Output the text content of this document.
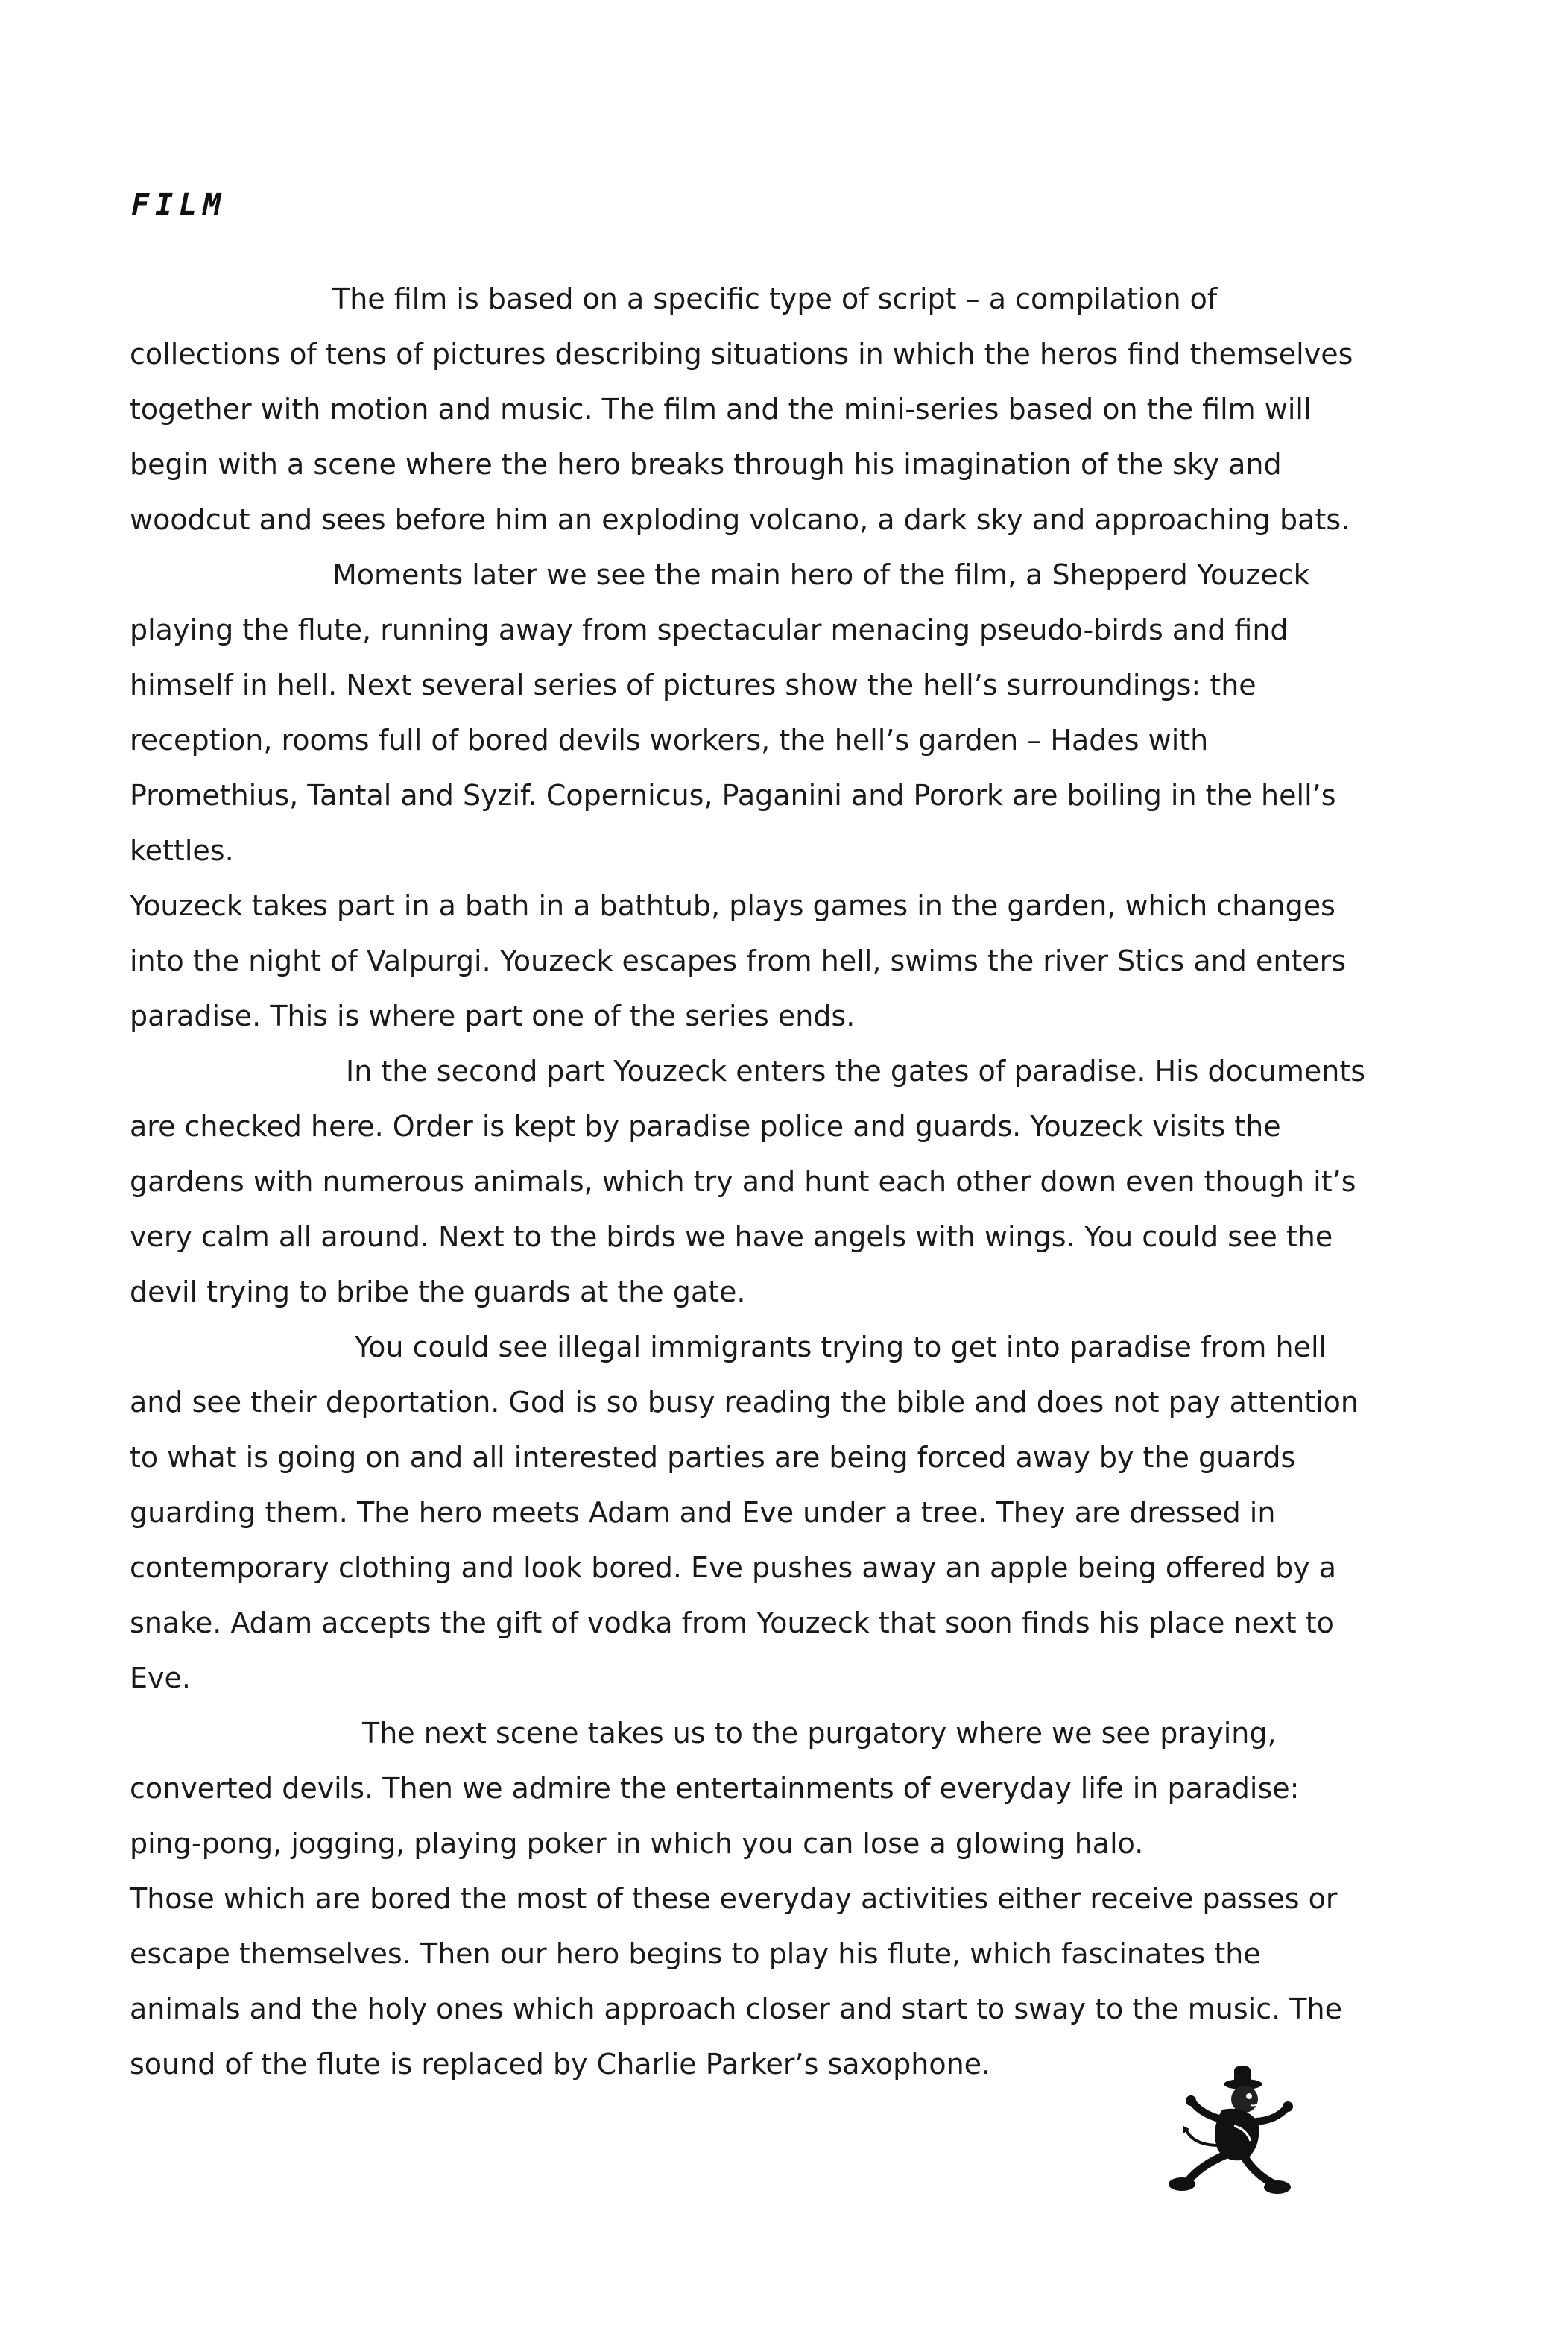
FILM

The film is based on a specific type of script – a compilation of collections of tens of pictures describing situations in which the heros find themselves together with motion and music. The film and the mini-series based on the film will begin with a scene where the hero breaks through his imagination of the sky and woodcut and sees before him an exploding volcano, a dark sky and approaching bats.

Moments later we see the main hero of the film, a Shepperd Youzeck playing the flute, running away from spectacular menacing pseudo-birds and find himself in hell. Next several series of pictures show the hell’s surroundings: the reception, rooms full of bored devils workers, the hell’s garden – Hades with Promethius, Tantal and Syzif. Copernicus, Paganini and Porork are boiling in the hell’s kettles.

Youzeck takes part in a bath in a bathtub, plays games in the garden, which changes into the night of Valpurgi. Youzeck escapes from hell, swims the river Stics and enters paradise. This is where part one of the series ends.

In the second part Youzeck enters the gates of paradise. His documents are checked here. Order is kept by paradise police and guards. Youzeck visits the gardens with numerous animals, which try and hunt each other down even though it’s very calm all around. Next to the birds we have angels with wings. You could see the devil trying to bribe the guards at the gate.

You could see illegal immigrants trying to get into paradise from hell and see their deportation. God is so busy reading the bible and does not pay attention to what is going on and all interested parties are being forced away by the guards guarding them. The hero meets Adam and Eve under a tree. They are dressed in contemporary clothing and look bored. Eve pushes away an apple being offered by a snake. Adam accepts the gift of vodka from Youzeck that soon finds his place next to Eve.

The next scene takes us to the purgatory where we see praying, converted devils. Then we admire the entertainments of everyday life in paradise: ping-pong, jogging, playing poker in which you can lose a glowing halo.

Those which are bored the most of these everyday activities either receive passes or escape themselves. Then our hero begins to play his flute, which fascinates the animals and the holy ones which approach closer and start to sway to the music. The sound of the flute is replaced by Charlie Parker’s saxophone.
